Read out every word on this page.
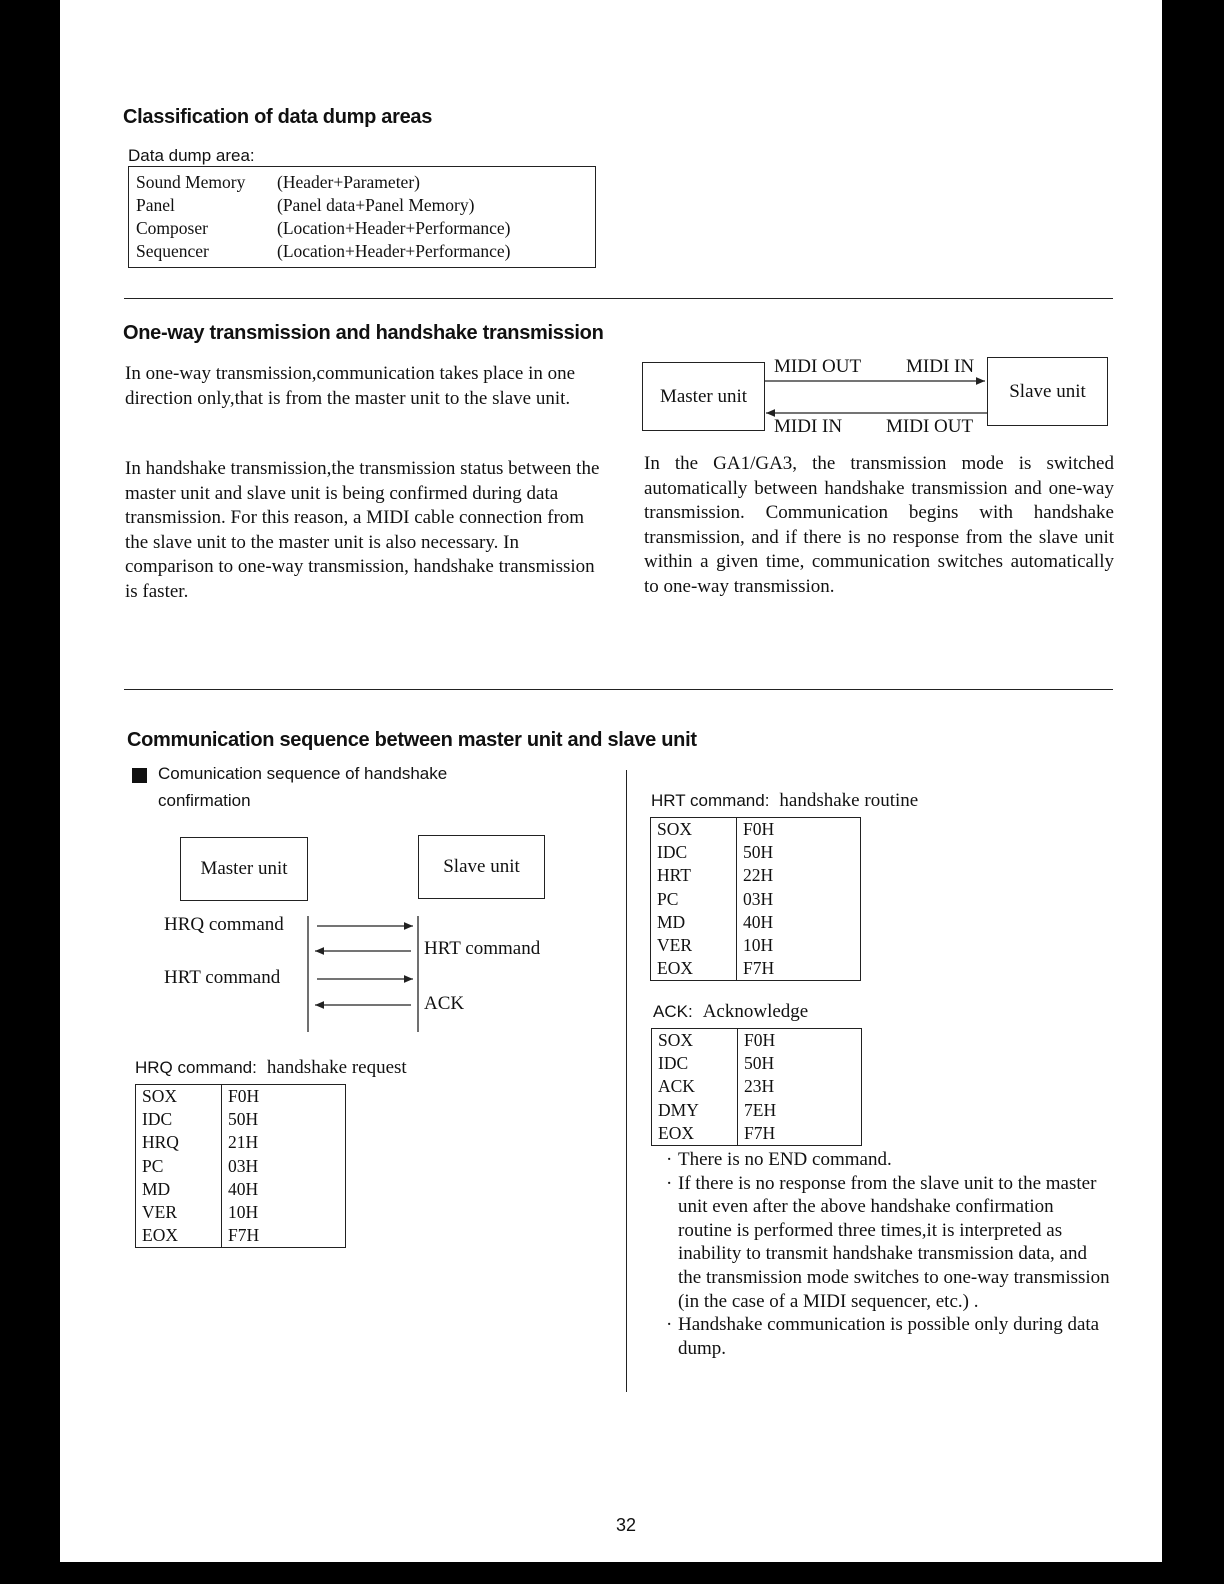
Classification of data dump areas
Data dump area:
Sound Memory	(Header+Parameter)
Panel	(Panel data+Panel Memory)
Composer	(Location+Header+Performance)
Sequencer	(Location+Header+Performance)
One-way transmission and handshake transmission
In one-way transmission,communication takes place in one direction only,that is from the master unit to the slave unit.
In handshake transmission,the transmission status between the master unit and slave unit is being confirmed during data transmission. For this reason, a MIDI cable connection from the slave unit to the master unit is also necessary. In comparison to one-way transmission, handshake transmission is faster.
Master unit	Slave unit
MIDI OUT MIDI IN
MIDI IN MIDI OUT
In the GA1/GA3, the transmission mode is switched automatically between handshake transmission and one-way transmission. Communication begins with handshake transmission, and if there is no response from the slave unit within a given time, communication switches automatically to one-way transmission.
Communication sequence between master unit and slave unit
Comunication sequence of handshake
confirmation
Master unit	Slave unit
HRQ command
HRT command
HRT command
ACK
HRQ command: handshake request
SOX	F0H
IDC	50H
HRQ	21H
PC	03H
MD	40H
VER	10H
EOX	F7H
HRT command: handshake routine
SOX	F0H
IDC	50H
HRT	22H
PC	03H
MD	40H
VER	10H
EOX	F7H
ACK: Acknowledge
SOX	F0H
IDC	50H
ACK	23H
DMY	7EH
EOX	F7H
· There is no END command.
· If there is no response from the slave unit to the master unit even after the above handshake confirmation routine is performed three times,it is interpreted as inability to transmit handshake transmission data, and the transmission mode switches to one-way transmission (in the case of a MIDI sequencer, etc.) .
· Handshake communication is possible only during data dump.
32
